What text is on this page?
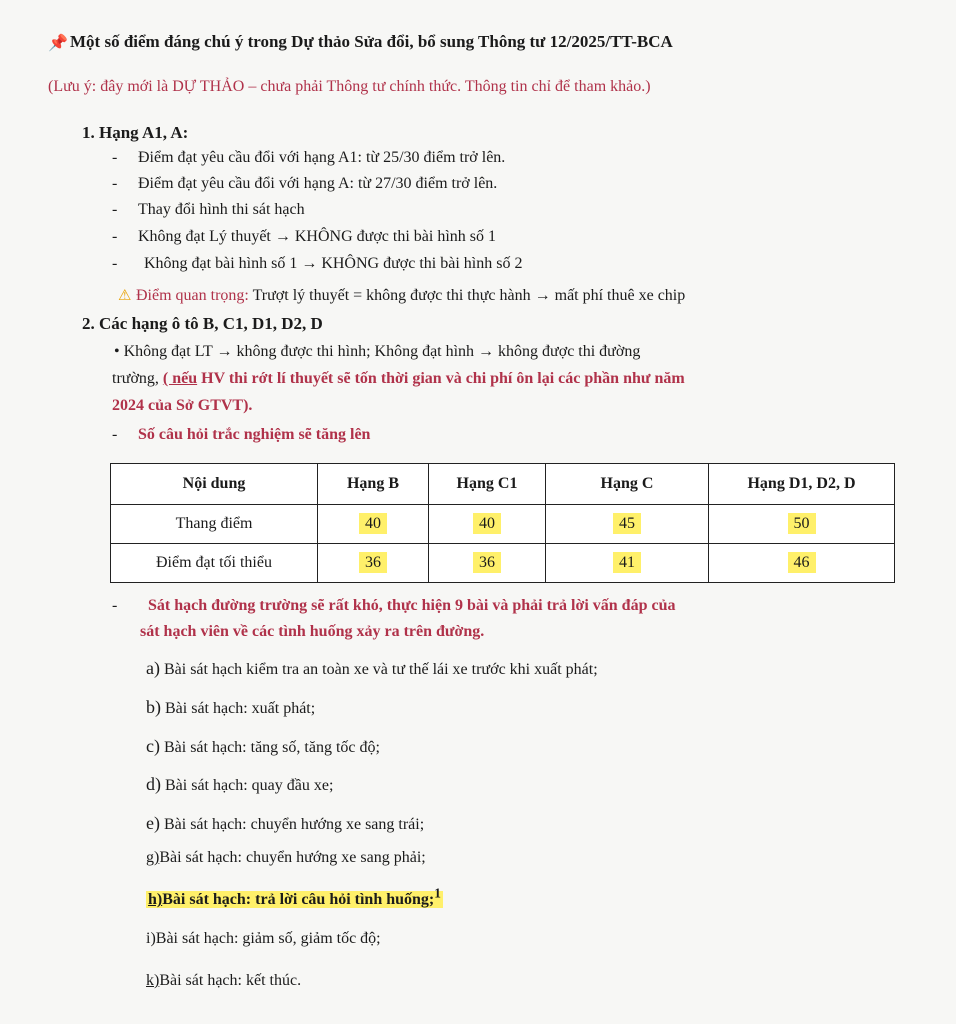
📌 Một số điểm đáng chú ý trong Dự thảo Sửa đổi, bổ sung Thông tư 12/2025/TT-BCA
(Lưu ý: đây mới là DỰ THẢO – chưa phải Thông tư chính thức. Thông tin chỉ để tham khảo.)
1. Hạng A1, A:
- Điểm đạt yêu cầu đổi với hạng A1: từ 25/30 điểm trở lên.
- Điểm đạt yêu cầu đổi với hạng A: từ 27/30 điểm trở lên.
- Thay đổi hình thi sát hạch
- Không đạt Lý thuyết → KHÔNG được thi bài hình số 1
- Không đạt bài hình số 1 → KHÔNG được thi bài hình số 2
⚠ Điểm quan trọng: Trượt lý thuyết = không được thi thực hành → mất phí thuê xe chip
2. Các hạng ô tô B, C1, D1, D2, D
• Không đạt LT → không được thi hình; Không đạt hình → không được thi đường
trường, ( nếu HV thi rớt lí thuyết sẽ tốn thời gian và chi phí ôn lại các phần như năm
2024 của Sở GTVT).
- Số câu hỏi trắc nghiệm sẽ tăng lên
Nội dung	Hạng B	Hạng C1	Hạng C	Hạng D1, D2, D
Thang điểm	40	40	45	50
Điểm đạt tối thiểu	36	36	41	46
- Sát hạch đường trường sẽ rất khó, thực hiện 9 bài và phải trả lời vấn đáp của
sát hạch viên về các tình huống xảy ra trên đường.
a) Bài sát hạch kiểm tra an toàn xe và tư thế lái xe trước khi xuất phát;
b) Bài sát hạch: xuất phát;
c) Bài sát hạch: tăng số, tăng tốc độ;
d) Bài sát hạch: quay đầu xe;
e) Bài sát hạch: chuyển hướng xe sang trái;
g)Bài sát hạch: chuyển hướng xe sang phải;
h)Bài sát hạch: trả lời câu hỏi tình huống;$^1$
i)Bài sát hạch: giảm số, giảm tốc độ;
k)Bài sát hạch: kết thúc.
